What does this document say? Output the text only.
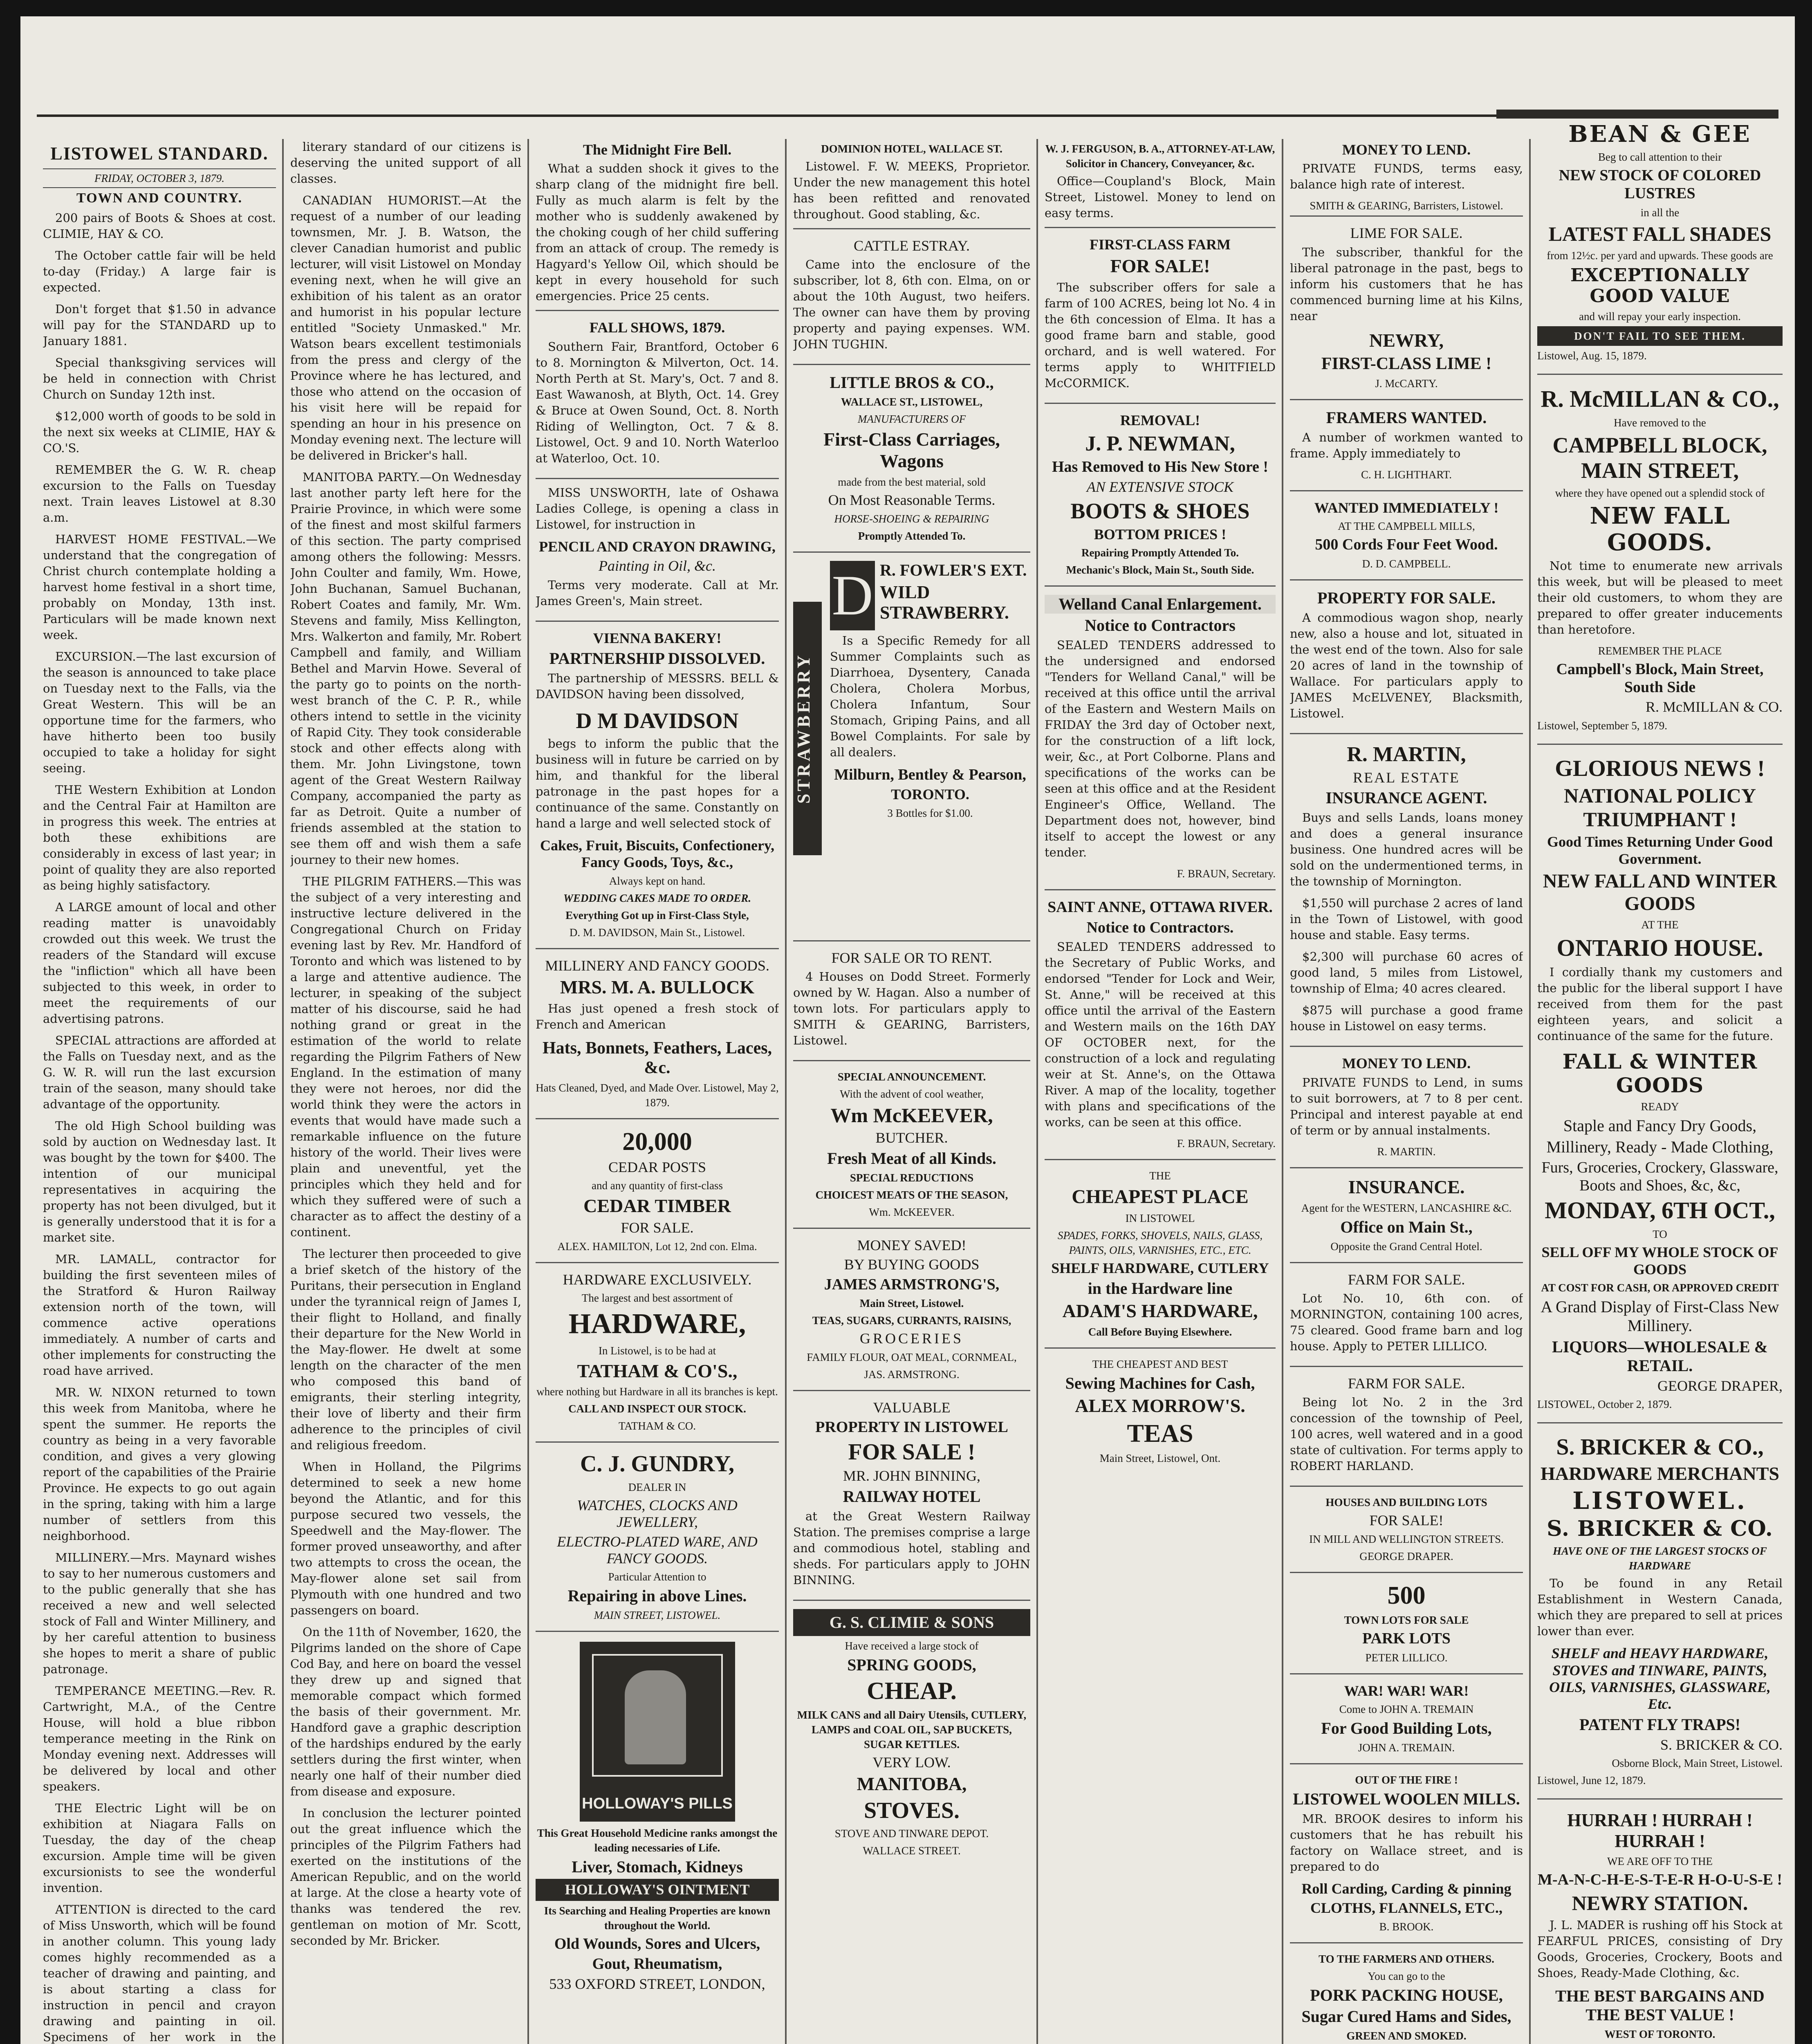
LISTOWEL STANDARD.
FRIDAY, OCTOBER 3, 1879.
TOWN AND COUNTRY.

200 pairs of Boots & Shoes at cost. CLIMIE, HAY & CO.

The October cattle fair will be held to-day (Friday.) A large fair is expected.

Don't forget that $1.50 in advance will pay for the STANDARD up to January 1881.

Special thanksgiving services will be held in connection with Christ Church on Sunday 12th inst.

$12,000 worth of goods to be sold in the next six weeks at CLIMIE, HAY & CO.'S.

REMEMBER the G. W. R. cheap excursion to the Falls on Tuesday next. Train leaves Listowel at 8.30 a.m.

HARVEST HOME FESTIVAL.—We understand that the congregation of Christ church contemplate holding a harvest home festival in a short time, probably on Monday, 13th inst. Particulars will be made known next week.

EXCURSION.—The last excursion of the season is announced to take place on Tuesday next to the Falls, via the Great Western. This will be an opportune time for the farmers, who have hitherto been too busily occupied to take a holiday for sight seeing.

THE Western Exhibition at London and the Central Fair at Hamilton are in progress this week. The entries at both these exhibitions are considerably in excess of last year; in point of quality they are also reported as being highly satisfactory.

A LARGE amount of local and other reading matter is unavoidably crowded out this week. We trust the readers of the Standard will excuse the "infliction" which all have been subjected to this week, in order to meet the requirements of our advertising patrons.

SPECIAL attractions are afforded at the Falls on Tuesday next, and as the G. W. R. will run the last excursion train of the season, many should take advantage of the opportunity.

The old High School building was sold by auction on Wednesday last. It was bought by the town for $400. The intention of our municipal representatives in acquiring the property has not been divulged, but it is generally understood that it is for a market site.

MR. LAMALL, contractor for building the first seventeen miles of the Stratford & Huron Railway extension north of the town, will commence active operations immediately. A number of carts and other implements for constructing the road have arrived.

MR. W. NIXON returned to town this week from Manitoba, where he spent the summer. He reports the country as being in a very favorable condition, and gives a very glowing report of the capabilities of the Prairie Province. He expects to go out again in the spring, taking with him a large number of settlers from this neighborhood.

MILLINERY.—Mrs. Maynard wishes to say to her numerous customers and to the public generally that she has received a new and well selected stock of Fall and Winter Millinery, and by her careful attention to business she hopes to merit a share of public patronage.

TEMPERANCE MEETING.—Rev. R. Cartwright, M.A., of the Centre House, will hold a blue ribbon temperance meeting in the Rink on Monday evening next. Addresses will be delivered by local and other speakers.

THE Electric Light will be on exhibition at Niagara Falls on Tuesday, the day of the cheap excursion. Ample time will be given excursionists to see the wonderful invention.

ATTENTION is directed to the card of Miss Unsworth, which will be found in another column. This young lady comes highly recommended as a teacher of drawing and painting, and is about starting a class for instruction in pencil and crayon drawing and painting in oil. Specimens of her work in the

literary standard of our citizens is deserving the united support of all classes.

CANADIAN HUMORIST.—At the request of a number of our leading townsmen, Mr. J. B. Watson, the clever Canadian humorist and public lecturer, will visit Listowel on Monday evening next, when he will give an exhibition of his talent as an orator and humorist in his popular lecture entitled "Society Unmasked." Mr. Watson bears excellent testimonials from the press and clergy of the Province where he has lectured, and those who attend on the occasion of his visit here will be repaid for spending an hour in his presence on Monday evening next. The lecture will be delivered in Bricker's hall.

MANITOBA PARTY.—On Wednesday last another party left here for the Prairie Province, in which were some of the finest and most skilful farmers of this section. The party comprised among others the following: Messrs. John Coulter and family, Wm. Howe, John Buchanan, Samuel Buchanan, Robert Coates and family, Mr. Wm. Stevens and family, Miss Kellington, Mrs. Walkerton and family, Mr. Robert Campbell and family, and William Bethel and Marvin Howe. Several of the party go to points on the north-west branch of the C. P. R., while others intend to settle in the vicinity of Rapid City. They took considerable stock and other effects along with them. Mr. John Livingstone, town agent of the Great Western Railway Company, accompanied the party as far as Detroit. Quite a number of friends assembled at the station to see them off and wish them a safe journey to their new homes.

THE PILGRIM FATHERS.—This was the subject of a very interesting and instructive lecture delivered in the Congregational Church on Friday evening last by Rev. Mr. Handford of Toronto and which was listened to by a large and attentive audience. The lecturer, in speaking of the subject matter of his discourse, said he had nothing grand or great in the estimation of the world to relate regarding the Pilgrim Fathers of New England. In the estimation of many they were not heroes, nor did the world think they were the actors in events that would have made such a remarkable influence on the future history of the world. Their lives were plain and uneventful, yet the principles which they held and for which they suffered were of such a character as to affect the destiny of a continent.

The lecturer then proceeded to give a brief sketch of the history of the Puritans, their persecution in England under the tyrannical reign of James I, their flight to Holland, and finally their departure for the New World in the May-flower. He dwelt at some length on the character of the men who composed this band of emigrants, their sterling integrity, their love of liberty and their firm adherence to the principles of civil and religious freedom.

When in Holland, the Pilgrims determined to seek a new home beyond the Atlantic, and for this purpose secured two vessels, the Speedwell and the May-flower. The former proved unseaworthy, and after two attempts to cross the ocean, the May-flower alone set sail from Plymouth with one hundred and two passengers on board.

On the 11th of November, 1620, the Pilgrims landed on the shore of Cape Cod Bay, and here on board the vessel they drew up and signed that memorable compact which formed the basis of their government. Mr. Handford gave a graphic description of the hardships endured by the early settlers during the first winter, when nearly one half of their number died from disease and exposure.

In conclusion the lecturer pointed out the great influence which the principles of the Pilgrim Fathers had exerted on the institutions of the American Republic, and on the world at large. At the close a hearty vote of thanks was tendered the rev. gentleman on motion of Mr. Scott, seconded by Mr. Bricker.

The Midnight Fire Bell.

What a sudden shock it gives to the sharp clang of the midnight fire bell. Fully as much alarm is felt by the mother who is suddenly awakened by the choking cough of her child suffering from an attack of croup. The remedy is Hagyard's Yellow Oil, which should be kept in every household for such emergencies. Price 25 cents.

FALL SHOWS, 1879.

Southern Fair, Brantford, October 6 to 8. Mornington & Milverton, Oct. 14. North Perth at St. Mary's, Oct. 7 and 8. East Wawanosh, at Blyth, Oct. 14. Grey & Bruce at Owen Sound, Oct. 8. North Riding of Wellington, Oct. 7 & 8. Listowel, Oct. 9 and 10. North Waterloo at Waterloo, Oct. 10.

MISS UNSWORTH, late of Oshawa Ladies College, is opening a class in Listowel, for instruction in

PENCIL AND CRAYON DRAWING,
Painting in Oil, &c.

Terms very moderate. Call at Mr. James Green's, Main street.

VIENNA BAKERY!
PARTNERSHIP DISSOLVED.

The partnership of MESSRS. BELL & DAVIDSON having been dissolved,

D M DAVIDSON

begs to inform the public that the business will in future be carried on by him, and thankful for the liberal patronage in the past hopes for a continuance of the same. Constantly on hand a large and well selected stock of

Cakes, Fruit, Biscuits, Confectionery, Fancy Goods, Toys, &c.,
Always kept on hand.
WEDDING CAKES MADE TO ORDER.
Everything Got up in First-Class Style,
D. M. DAVIDSON, Main St., Listowel.
MILLINERY AND FANCY GOODS.
MRS. M. A. BULLOCK

Has just opened a fresh stock of French and American

Hats, Bonnets, Feathers, Laces, &c.
Hats Cleaned, Dyed, and Made Over. Listowel, May 2, 1879.
20,000
CEDAR POSTS
and any quantity of first-class
CEDAR TIMBER
FOR SALE.
ALEX. HAMILTON, Lot 12, 2nd con. Elma.
HARDWARE EXCLUSIVELY.
The largest and best assortment of
HARDWARE,
In Listowel, is to be had at
TATHAM & CO'S.,
where nothing but Hardware in all its branches is kept.
CALL AND INSPECT OUR STOCK.
TATHAM & CO.
C. J. GUNDRY,
DEALER IN
WATCHES, CLOCKS AND JEWELLERY,
ELECTRO-PLATED WARE, AND FANCY GOODS.
Particular Attention to
Repairing in above Lines.
MAIN STREET, LISTOWEL.
HOLLOWAY'S PILLS
This Great Household Medicine ranks amongst the leading necessaries of Life.
Liver, Stomach, Kidneys
HOLLOWAY'S OINTMENT
Its Searching and Healing Properties are known throughout the World.
Old Wounds, Sores and Ulcers,
Gout, Rheumatism,
533 OXFORD STREET, LONDON,
DOMINION HOTEL, WALLACE ST.

Listowel. F. W. MEEKS, Proprietor. Under the new management this hotel has been refitted and renovated throughout. Good stabling, &c.

CATTLE ESTRAY.

Came into the enclosure of the subscriber, lot 8, 6th con. Elma, on or about the 10th August, two heifers. The owner can have them by proving property and paying expenses. WM. JOHN TUGHIN.

LITTLE BROS & CO.,
WALLACE ST., LISTOWEL,
MANUFACTURERS OF
First-Class Carriages, Wagons
made from the best material, sold
On Most Reasonable Terms.
HORSE-SHOEING & REPAIRING
Promptly Attended To.
STRAWBERRY
D R. FOWLER'S EXT.
WILD STRAWBERRY.

Is a Specific Remedy for all Summer Complaints such as Diarrhoea, Dysentery, Canada Cholera, Cholera Morbus, Cholera Infantum, Sour Stomach, Griping Pains, and all Bowel Complaints. For sale by all dealers.

Milburn, Bentley & Pearson,
TORONTO.
3 Bottles for $1.00.
FOR SALE OR TO RENT.

4 Houses on Dodd Street. Formerly owned by W. Hagan. Also a number of town lots. For particulars apply to SMITH & GEARING, Barristers, Listowel.

SPECIAL ANNOUNCEMENT.
With the advent of cool weather,
Wm McKEEVER,
BUTCHER.
Fresh Meat of all Kinds.
SPECIAL REDUCTIONS
CHOICEST MEATS OF THE SEASON,
Wm. McKEEVER.
MONEY SAVED!
BY BUYING GOODS
JAMES ARMSTRONG'S,
Main Street, Listowel.
TEAS, SUGARS, CURRANTS, RAISINS,
GROCERIES
FAMILY FLOUR, OAT MEAL, CORNMEAL,
JAS. ARMSTRONG.
VALUABLE
PROPERTY IN LISTOWEL
FOR SALE !
MR. JOHN BINNING,
RAILWAY HOTEL

at the Great Western Railway Station. The premises comprise a large and commodious hotel, stabling and sheds. For particulars apply to JOHN BINNING.

G. S. CLIMIE & SONS
Have received a large stock of
SPRING GOODS,
CHEAP.
MILK CANS and all Dairy Utensils, CUTLERY, LAMPS and COAL OIL, SAP BUCKETS, SUGAR KETTLES.
VERY LOW.
MANITOBA,
STOVES.
STOVE AND TINWARE DEPOT.
WALLACE STREET.
W. J. FERGUSON, B. A., ATTORNEY-AT-LAW, Solicitor in Chancery, Conveyancer, &c.

Office—Coupland's Block, Main Street, Listowel. Money to lend on easy terms.

FIRST-CLASS FARM
FOR SALE!

The subscriber offers for sale a farm of 100 ACRES, being lot No. 4 in the 6th concession of Elma. It has a good frame barn and stable, good orchard, and is well watered. For terms apply to WHITFIELD McCORMICK.

REMOVAL!
J. P. NEWMAN,
Has Removed to His New Store !
AN EXTENSIVE STOCK
BOOTS & SHOES
BOTTOM PRICES !
Repairing Promptly Attended To.
Mechanic's Block, Main St., South Side.
Welland Canal Enlargement.
Notice to Contractors

SEALED TENDERS addressed to the undersigned and endorsed "Tenders for Welland Canal," will be received at this office until the arrival of the Eastern and Western Mails on FRIDAY the 3rd day of October next, for the construction of a lift lock, weir, &c., at Port Colborne. Plans and specifications of the works can be seen at this office and at the Resident Engineer's Office, Welland. The Department does not, however, bind itself to accept the lowest or any tender.

F. BRAUN, Secretary.
SAINT ANNE, OTTAWA RIVER.
Notice to Contractors.

SEALED TENDERS addressed to the Secretary of Public Works, and endorsed "Tender for Lock and Weir, St. Anne," will be received at this office until the arrival of the Eastern and Western mails on the 16th DAY OF OCTOBER next, for the construction of a lock and regulating weir at St. Anne's, on the Ottawa River. A map of the locality, together with plans and specifications of the works, can be seen at this office.

F. BRAUN, Secretary.
THE
CHEAPEST PLACE
IN LISTOWEL
SPADES, FORKS, SHOVELS, NAILS, GLASS, PAINTS, OILS, VARNISHES, ETC., ETC.
SHELF HARDWARE, CUTLERY
in the Hardware line
ADAM'S HARDWARE,
Call Before Buying Elsewhere.
THE CHEAPEST AND BEST
Sewing Machines for Cash,
ALEX MORROW'S.
TEAS
Main Street, Listowel, Ont.
MONEY TO LEND.

PRIVATE FUNDS, terms easy, balance high rate of interest.

SMITH & GEARING, Barristers, Listowel.
LIME FOR SALE.

The subscriber, thankful for the liberal patronage in the past, begs to inform his customers that he has commenced burning lime at his Kilns, near

NEWRY,
FIRST-CLASS LIME !
J. McCARTY.
FRAMERS WANTED.

A number of workmen wanted to frame. Apply immediately to

C. H. LIGHTHART.
WANTED IMMEDIATELY !
AT THE CAMPBELL MILLS,
500 Cords Four Feet Wood.
D. D. CAMPBELL.
PROPERTY FOR SALE.

A commodious wagon shop, nearly new, also a house and lot, situated in the west end of the town. Also for sale 20 acres of land in the township of Wallace. For particulars apply to JAMES McELVENEY, Blacksmith, Listowel.

R. MARTIN,
REAL ESTATE
INSURANCE AGENT.

Buys and sells Lands, loans money and does a general insurance business. One hundred acres will be sold on the undermentioned terms, in the township of Mornington.

$1,550 will purchase 2 acres of land in the Town of Listowel, with good house and stable. Easy terms.

$2,300 will purchase 60 acres of good land, 5 miles from Listowel, township of Elma; 40 acres cleared.

$875 will purchase a good frame house in Listowel on easy terms.

MONEY TO LEND.

PRIVATE FUNDS to Lend, in sums to suit borrowers, at 7 to 8 per cent. Principal and interest payable at end of term or by annual instalments.

R. MARTIN.
INSURANCE.
Agent for the WESTERN, LANCASHIRE &C.
Office on Main St.,
Opposite the Grand Central Hotel.
FARM FOR SALE.

Lot No. 10, 6th con. of MORNINGTON, containing 100 acres, 75 cleared. Good frame barn and log house. Apply to PETER LILLICO.

FARM FOR SALE.

Being lot No. 2 in the 3rd concession of the township of Peel, 100 acres, well watered and in a good state of cultivation. For terms apply to ROBERT HARLAND.

HOUSES AND BUILDING LOTS
FOR SALE!
IN MILL AND WELLINGTON STREETS.
GEORGE DRAPER.
500
TOWN LOTS FOR SALE
PARK LOTS
PETER LILLICO.
WAR! WAR! WAR!
Come to JOHN A. TREMAIN
For Good Building Lots,
JOHN A. TREMAIN.
OUT OF THE FIRE !
LISTOWEL WOOLEN MILLS.

MR. BROOK desires to inform his customers that he has rebuilt his factory on Wallace street, and is prepared to do

Roll Carding, Carding & pinning
CLOTHS, FLANNELS, ETC.,
B. BROOK.
TO THE FARMERS AND OTHERS.
You can go to the
PORK PACKING HOUSE,
Sugar Cured Hams and Sides,
GREEN AND SMOKED.
BEAN & GEE
Beg to call attention to their
NEW STOCK OF COLORED LUSTRES
in all the
LATEST FALL SHADES
from 12½c. per yard and upwards. These goods are
EXCEPTIONALLY GOOD VALUE
and will repay your early inspection.
DON'T FAIL TO SEE THEM.
Listowel, Aug. 15, 1879.
R. McMILLAN & CO.,
Have removed to the
CAMPBELL BLOCK, MAIN STREET,
where they have opened out a splendid stock of
NEW FALL GOODS.

Not time to enumerate new arrivals this week, but will be pleased to meet their old customers, to whom they are prepared to offer greater inducements than heretofore.

REMEMBER THE PLACE
Campbell's Block, Main Street, South Side
R. McMILLAN & CO.
Listowel, September 5, 1879.
GLORIOUS NEWS !
NATIONAL POLICY TRIUMPHANT !
Good Times Returning Under Good Government.
NEW FALL AND WINTER GOODS
AT THE
ONTARIO HOUSE.

I cordially thank my customers and the public for the liberal support I have received from them for the past eighteen years, and solicit a continuance of the same for the future.

FALL & WINTER GOODS
READY
Staple and Fancy Dry Goods,
Millinery, Ready - Made Clothing,
Furs, Groceries, Crockery, Glassware, Boots and Shoes, &c, &c,
MONDAY, 6TH OCT.,
TO
SELL OFF MY WHOLE STOCK OF GOODS
AT COST FOR CASH, OR APPROVED CREDIT
A Grand Display of First-Class New Millinery.
LIQUORS—WHOLESALE & RETAIL.
GEORGE DRAPER,
LISTOWEL, October 2, 1879.
S. BRICKER & CO.,
HARDWARE MERCHANTS
LISTOWEL.
S. BRICKER & CO.
HAVE ONE OF THE LARGEST STOCKS OF HARDWARE

To be found in any Retail Establishment in Western Canada, which they are prepared to sell at prices lower than ever.

SHELF and HEAVY HARDWARE, STOVES and TINWARE, PAINTS, OILS, VARNISHES, GLASSWARE, Etc.
PATENT FLY TRAPS!
S. BRICKER & CO.
Osborne Block, Main Street, Listowel.
Listowel, June 12, 1879.
HURRAH ! HURRAH ! HURRAH !
WE ARE OFF TO THE
M-A-N-C-H-E-S-T-E-R H-O-U-S-E !
NEWRY STATION.

J. L. MADER is rushing off his Stock at FEARFUL PRICES, consisting of Dry Goods, Groceries, Crockery, Boots and Shoes, Ready-Made Clothing, &c.

THE BEST BARGAINS AND THE BEST VALUE !
WEST OF TORONTO.
